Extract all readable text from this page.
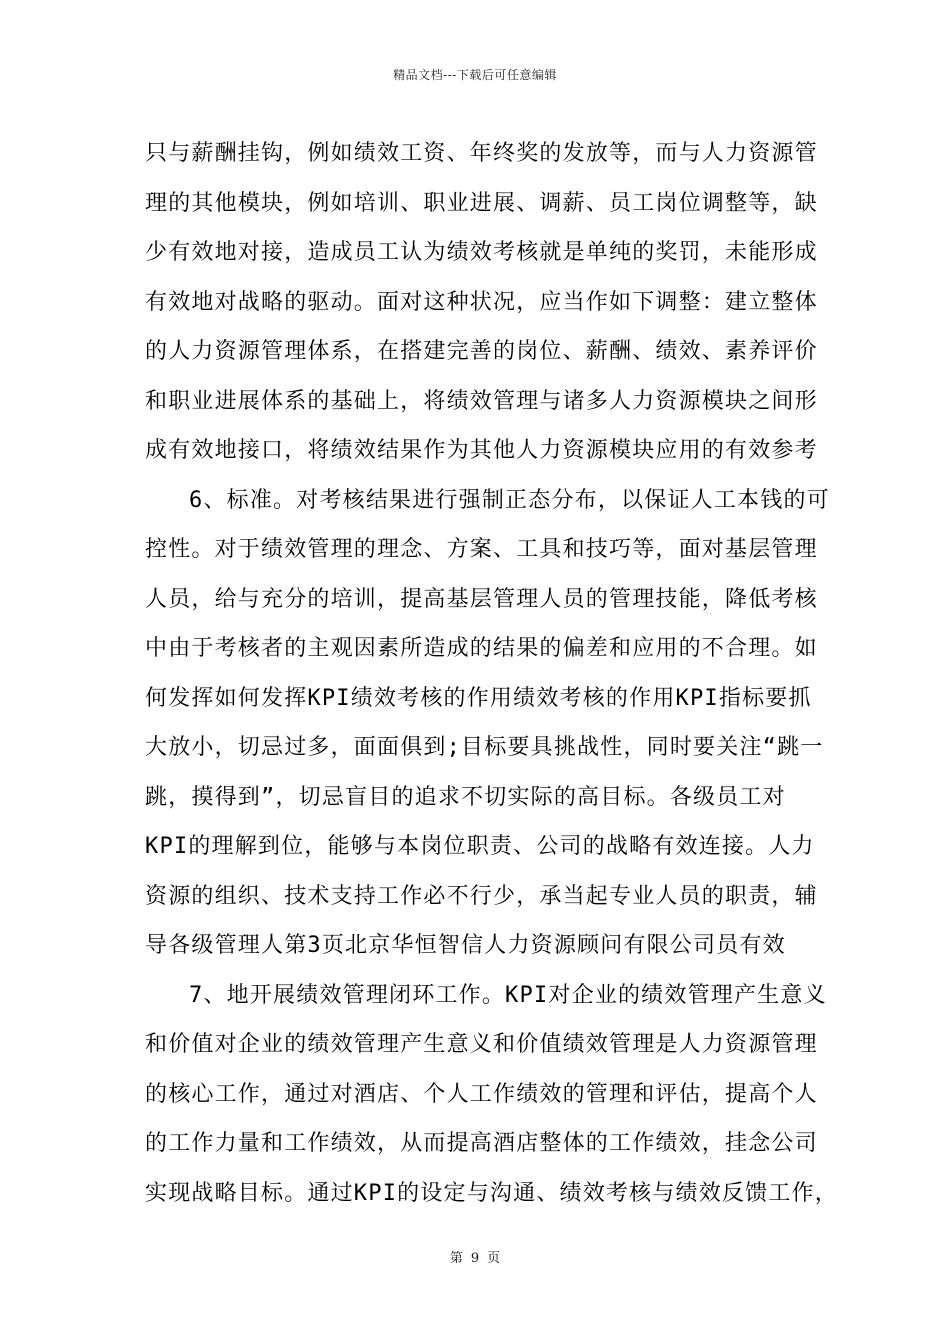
精品文档---下载后可任意编辑
只与薪酬挂钩，例如绩效工资、年终奖的发放等，而与人力资源管
理的其他模块，例如培训、职业进展、调薪、员工岗位调整等，缺
少有效地对接，造成员工认为绩效考核就是单纯的奖罚，未能形成
有效地对战略的驱动。面对这种状况，应当作如下调整：建立整体
的人力资源管理体系，在搭建完善的岗位、薪酬、绩效、素养评价
和职业进展体系的基础上，将绩效管理与诸多人力资源模块之间形
成有效地接口，将绩效结果作为其他人力资源模块应用的有效参考
6、标准。对考核结果进行强制正态分布，以保证人工本钱的可
控性。对于绩效管理的理念、方案、工具和技巧等，面对基层管理
人员，给与充分的培训，提高基层管理人员的管理技能，降低考核
中由于考核者的主观因素所造成的结果的偏差和应用的不合理。如
何发挥如何发挥KPI绩效考核的作用绩效考核的作用KPI指标要抓
大放小，切忌过多，面面俱到;目标要具挑战性，同时要关注“跳一
跳，摸得到”，切忌盲目的追求不切实际的高目标。各级员工对
KPI的理解到位，能够与本岗位职责、公司的战略有效连接。人力
资源的组织、技术支持工作必不行少，承当起专业人员的职责，辅
导各级管理人第3页北京华恒智信人力资源顾问有限公司员有效
7、地开展绩效管理闭环工作。KPI对企业的绩效管理产生意义
和价值对企业的绩效管理产生意义和价值绩效管理是人力资源管理
的核心工作，通过对酒店、个人工作绩效的管理和评估，提高个人
的工作力量和工作绩效，从而提高酒店整体的工作绩效，挂念公司
实现战略目标。通过KPI的设定与沟通、绩效考核与绩效反馈工作，
第 9 页
